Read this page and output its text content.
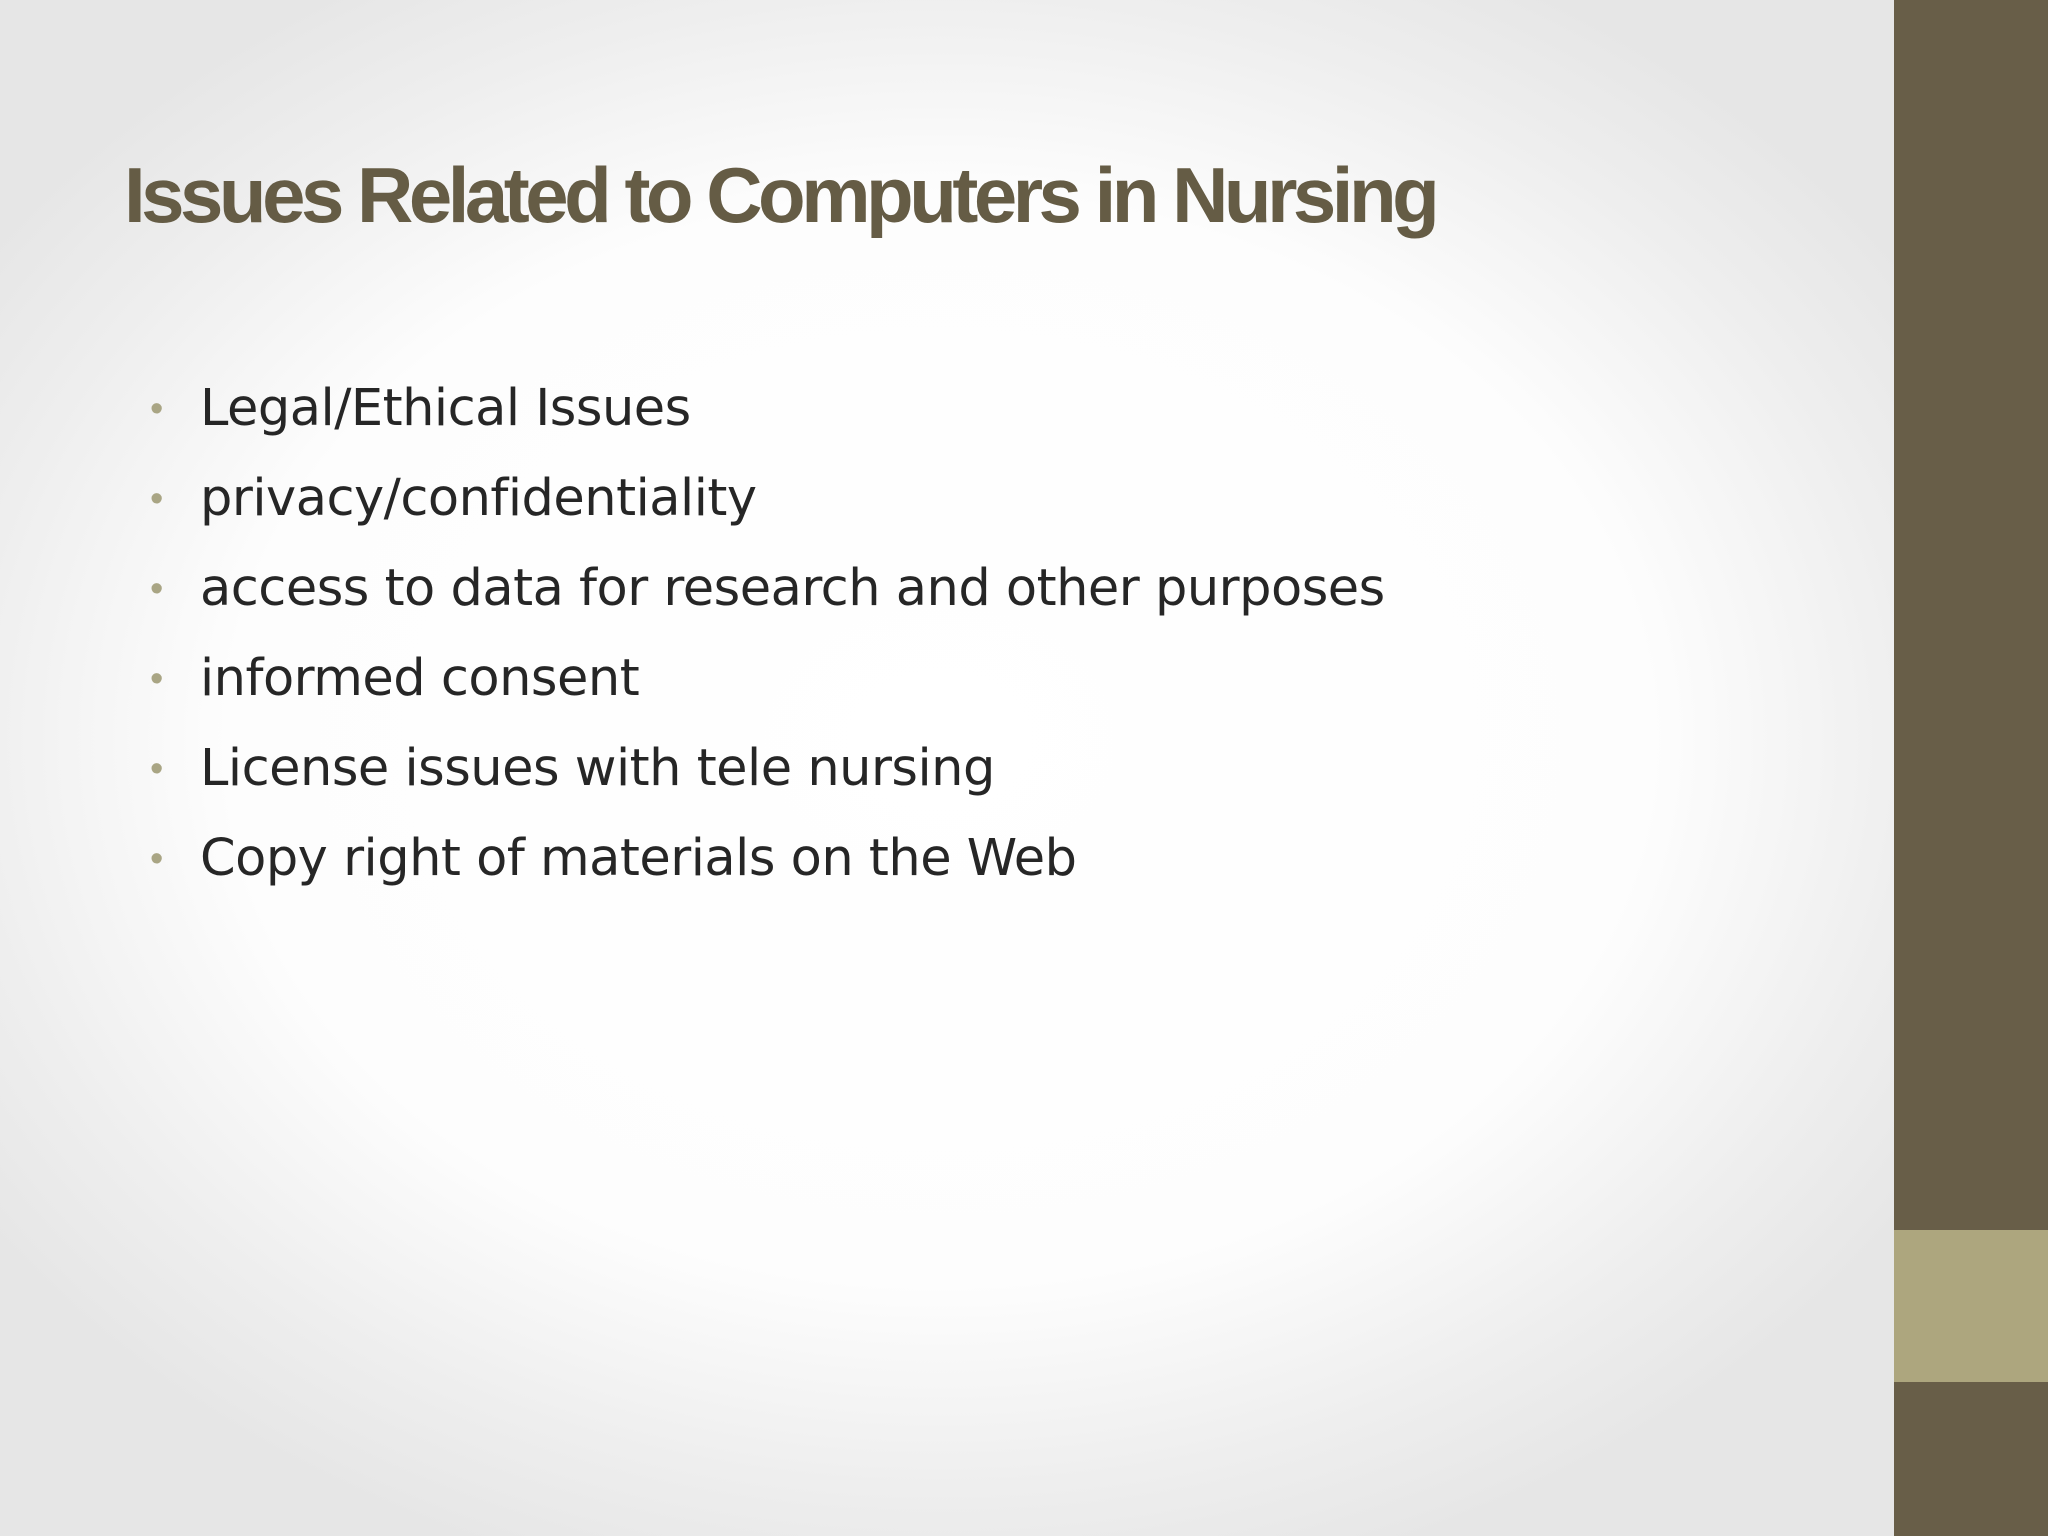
Issues Related to Computers in Nursing
• Legal/Ethical Issues
• privacy/confidentiality
• access to data for research and other purposes
• informed consent
• License issues with tele nursing
• Copy right of materials on the Web
